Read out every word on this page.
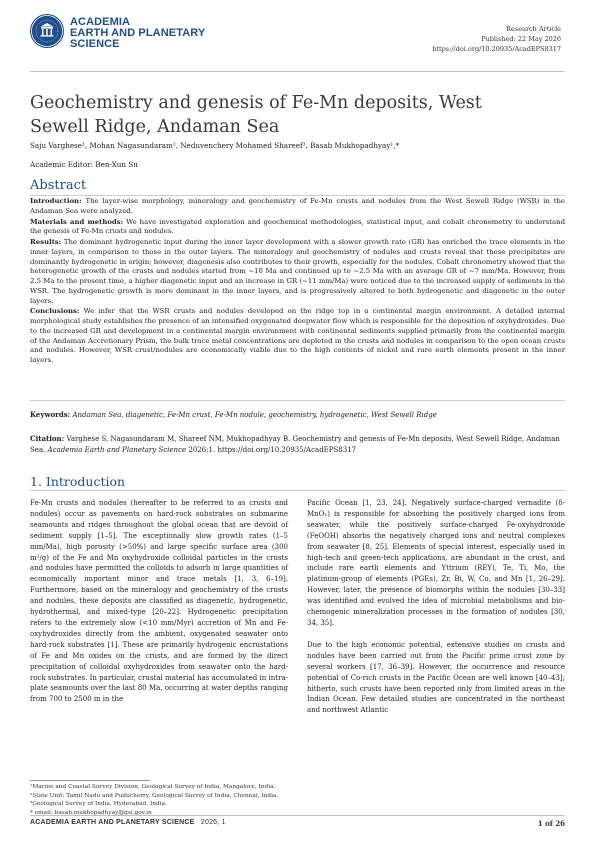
ACADEMIA
EARTH AND PLANETARY
SCIENCE
Research Article
Published: 22 May 2026
https://doi.org/10.20935/AcadEPS8317
Geochemistry and genesis of Fe-Mn deposits, West Sewell Ridge, Andaman Sea
Saju Varghese¹, Mohan Nagasundaram², Neduvenchery Mohamed Shareef³, Basab Mukhopadhyay¹,*
Academic Editor: Ben-Xun Su
Abstract

Introduction: The layer-wise morphology, mineralogy and geochemistry of Fe-Mn crusts and nodules from the West Sewell Ridge (WSR) in the Andaman Sea were analyzed.

Materials and methods: We have investigated exploration and geochemical methodologies, statistical input, and cobalt chronometry to understand the genesis of Fe-Mn crusts and nodules.

Results: The dominant hydrogenetic input during the inner layer development with a slower growth rate (GR) has enriched the trace elements in the inner layers, in comparison to those in the outer layers. The mineralogy and geochemistry of nodules and crusts reveal that these precipitates are dominantly hydrogenetic in origin; however, diagenesis also contributes to their growth, especially for the nodules. Cobalt chronometry showed that the heterogenetic growth of the crusts and nodules started from ~10 Ma and continued up to ~2.5 Ma with an average GR of ~7 mm/Ma. However, from 2.5 Ma to the present time, a higher diagenetic input and an increase in GR (~11 mm/Ma) were noticed due to the increased supply of sediments in the WSR. The hydrogenetic growth is more dominant in the inner layers, and is progressively altered to both hydrogenetic and diagenetic in the outer layers.

Conclusions: We infer that the WSR crusts and nodules developed on the ridge top in a continental margin environment. A detailed internal morphological study establishes the presence of an intensified oxygenated deepwater flow which is responsible for the deposition of oxyhydroxides. Due to the increased GR and development in a continental margin environment with continental sediments supplied primarily from the continental margin of the Andaman Accretionary Prism, the bulk trace metal concentrations are depleted in the crusts and nodules in comparison to the open ocean crusts and nodules. However, WSR crust/nodules are economically viable due to the high contents of nickel and rare earth elements present in the inner layers.

Keywords: Andaman Sea, diagenetic, Fe-Mn crust, Fe-Mn nodule, geochemistry, hydrogenetic, West Sewell Ridge
Citation: Varghese S, Nagasundaram M, Shareef NM, Mukhopadhyay B. Geochemistry and genesis of Fe-Mn deposits, West Sewell Ridge, Andaman Sea. Academia Earth and Planetary Science 2026;1. https://doi.org/10.20935/AcadEPS8317
1. Introduction

Fe-Mn crusts and nodules (hereafter to be referred to as crusts and nodules) occur as pavements on hard-rock substrates on submarine seamounts and ridges throughout the global ocean that are devoid of sediment supply [1–5]. The exceptionally slow growth rates (1–5 mm/Ma), high porosity (>50%) and large specific surface area (300 m²/g) of the Fe and Mn oxyhydroxide colloidal particles in the crusts and nodules have permitted the colloids to adsorb in large quantities of economically important minor and trace metals [1, 3, 6–19]. Furthermore, based on the mineralogy and geochemistry of the crusts and nodules, these deposits are classified as diagenetic, hydrogenetic, hydrothermal, and mixed-type [20–22]. Hydrogenetic precipitation refers to the extremely slow (<10 mm/Myr) accretion of Mn and Fe-oxyhydroxides directly from the ambient, oxygenated seawater onto hard-rock substrates [1]. These are primarily hydrogenic encrustations of Fe and Mn oxides on the crusts, and are formed by the direct precipitation of colloidal oxyhydroxides from seawater onto the hard-rock substrates. In particular, crustal material has accumulated in intra-plate seamounts over the last 80 Ma, occurring at water depths ranging from 700 to 2500 m in the

Pacific Ocean [1, 23, 24]. Negatively surface-charged vernadite (δ-MnO₂) is responsible for absorbing the positively charged ions from seawater, while the positively surface-charged Fe-oxyhydroxide (FeOOH) absorbs the negatively charged ions and neutral complexes from seawater [8, 25]. Elements of special interest, especially used in high-tech and green-tech applications, are abundant in the crust, and include rare earth elements and Yttrium (REY), Te, Ti, Mo, the platinum-group of elements (PGEs), Zr, Bi, W, Co, and Mn [1, 26–29]. However, later, the presence of biomorphs within the nodules [30–33] was identified and evolved the idea of microbial metabolisms and bio-chemogenic mineralization processes in the formation of nodules [30, 34, 35].

Due to the high economic potential, extensive studies on crusts and nodules have been carried out from the Pacific prime crust zone by several workers [17, 36–39]. However, the occurrence and resource potential of Co-rich crusts in the Pacific Ocean are well known [40–43]; hitherto, such crusts have been reported only from limited areas in the Indian Ocean. Few detailed studies are concentrated in the northeast and northwest Atlantic

¹Marine and Coastal Survey Division, Geological Survey of India, Mangalore, India.
²State Unit: Tamil Nadu and Puducherry, Geological Survey of India, Chennai, India.
³Geological Survey of India, Hyderabad, India.
* email: basab.mukhopadhyay@gsi.gov.in
ACADEMIA EARTH AND PLANETARY SCIENCE 2026, 1	1 of 26
